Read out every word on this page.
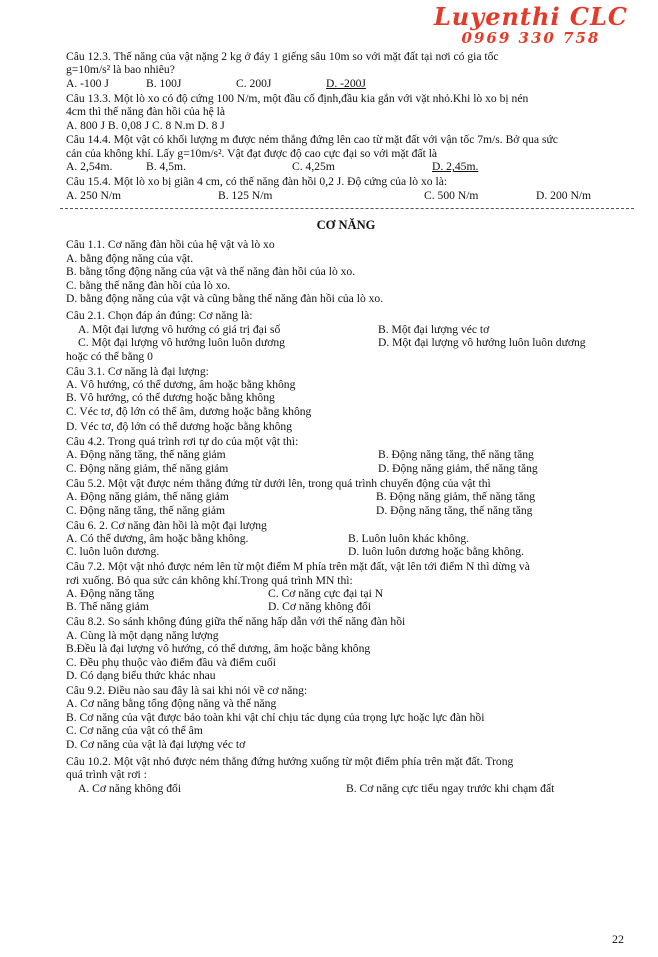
Luyenthi CLC
0969 330 758
Câu 12.3. Thế năng của vật nặng 2 kg ở đáy 1 giếng sâu 10m so với mặt đất tại nơi có gia tốc
g=10m/s² là bao nhiêu?
A. -100 J	B. 100J	C. 200J	D. -200J
Câu 13.3. Một lò xo có độ cứng 100 N/m, một đầu cố định,đầu kia gắn với vặt nhỏ.Khi lò xo bị nén
4cm thì thế năng đàn hồi của hệ là
A. 800 J B. 0,08 J C. 8 N.m D. 8 J
Câu 14.4. Một vật có khối lượng m được ném thẳng đứng lên cao từ mặt đất với vận tốc 7m/s. Bở qua sức
cản của không khí. Lấy g=10m/s². Vật đạt được độ cao cực đại so với mặt đất là
A. 2,54m.	B. 4,5m.	C. 4,25m	D. 2,45m.
Câu 15.4. Một lò xo bị giãn 4 cm, có thế năng đàn hồi 0,2 J. Độ cứng của lò xo là:
A. 250 N/m	B. 125 N/m	C. 500 N/m	D. 200 N/m
CƠ NĂNG
Câu 1.1. Cơ năng đàn hồi của hệ vật và lò xo
A. bằng động năng của vật.
B. bằng tổng động năng của vật và thế năng đàn hồi của lò xo.
C. bằng thế năng đàn hồi của lò xo.
D. bằng động năng của vật và cũng bằng thế năng đàn hồi của lò xo.
Câu 2.1. Chọn đáp án đúng: Cơ năng là:
A. Một đại lượng vô hướng có giá trị đại số	B. Một đại lượng véc tơ
C. Một đại lượng vô hướng luôn luôn dương	D. Một đại lượng vô hướng luôn luôn dương
hoặc có thể bằng 0
Câu 3.1. Cơ năng là đại lượng:
A. Vô hướng, có thể dương, âm hoặc bằng không
B. Vô hướng, có thể dương hoặc bằng không
C. Véc tơ, độ lớn có thể âm, dương hoặc bằng không
D. Véc tơ, độ lớn có thể dương hoặc bằng không
Câu 4.2. Trong quá trình rơi tự do của một vật thì:
A. Động năng tăng, thế năng giảm	B. Động năng tăng, thế năng tăng
C. Động năng giảm, thế năng giảm	D. Động năng giảm, thế năng tăng
Câu 5.2. Một vật được ném thẳng đứng từ dưới lên, trong quá trình chuyển động của vật thì
A. Động năng giảm, thế năng giảm	B. Động năng giảm, thế năng tăng
C. Động năng tăng, thế năng giảm	D. Động năng tăng, thế năng tăng
Câu 6. 2. Cơ năng đàn hồi là một đại lượng
A. Có thể dương, âm hoặc bằng không.	B. Luôn luôn khác không.
C. luôn luôn dương.	D. luôn luôn dương hoặc bằng không.
Câu 7.2. Một vật nhỏ được ném lên từ một điểm M phía trên mặt đất, vật lên tới điểm N thì dừng và
rơi xuống. Bỏ qua sức cản không khí.Trong quá trình MN thì:
A. Động năng tăng	C. Cơ năng cực đại tại N
B. Thế năng giảm	D. Cơ năng không đổi
Câu 8.2. So sánh không đúng giữa thế năng hấp dẫn với thế năng đàn hồi
A. Cùng là một dạng năng lượng
B.Đều là đại lượng vô hướng, có thể dương, âm hoặc bằng không
C. Đều phụ thuộc vào điểm đầu và điểm cuối
D. Có dạng biểu thức khác nhau
Câu 9.2. Điều nào sau đây là sai khi nói về cơ năng:
A. Cơ năng bằng tổng động năng và thế năng
B. Cơ năng của vật được bảo toàn khi vật chỉ chịu tác dụng của trọng lực hoặc lực đàn hồi
C. Cơ năng của vật có thể âm
D. Cơ năng của vật là đại lượng véc tơ
Câu 10.2. Một vật nhỏ được ném thẳng đứng hướng xuống từ một điểm phía trên mặt đất. Trong
quá trình vật rơi :
A. Cơ năng không đổi	B. Cơ năng cực tiểu ngay trước khi chạm đất
22
